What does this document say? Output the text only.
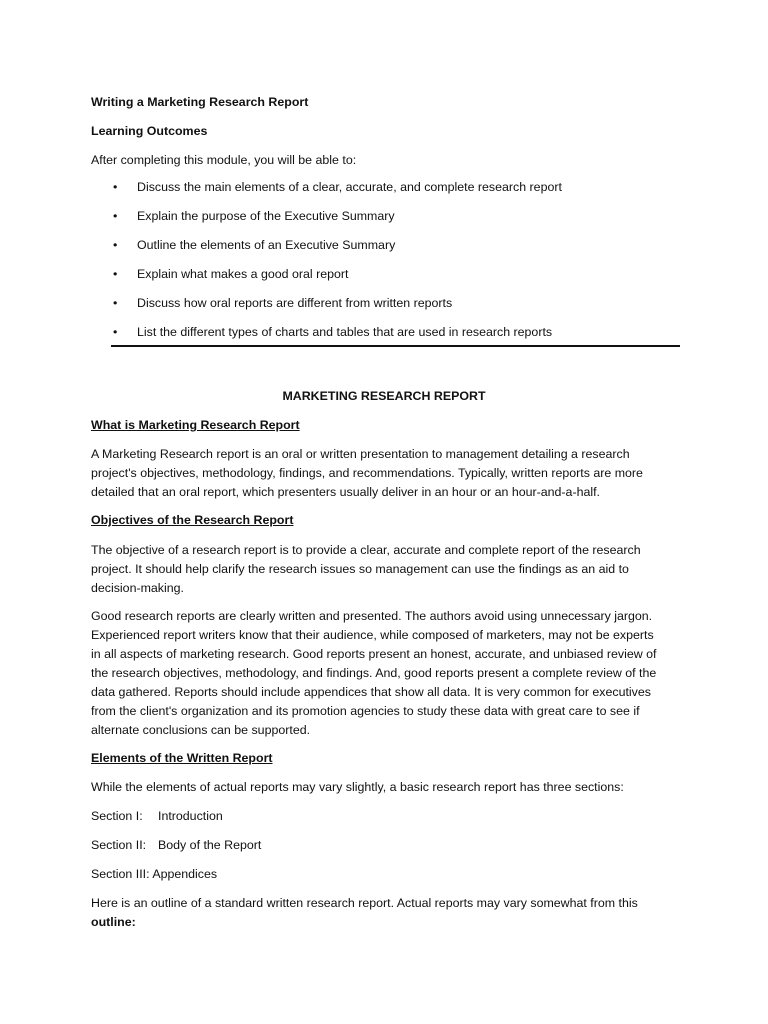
Writing a Marketing Research Report
Learning Outcomes
After completing this module, you will be able to:
•	Discuss the main elements of a clear, accurate, and complete research report
•	Explain the purpose of the Executive Summary
•	Outline the elements of an Executive Summary
•	Explain what makes a good oral report
•	Discuss how oral reports are different from written reports
•	List the different types of charts and tables that are used in research reports
MARKETING RESEARCH REPORT
What is Marketing Research Report
A Marketing Research report is an oral or written presentation to management detailing a research
project's objectives, methodology, findings, and recommendations. Typically, written reports are more
detailed that an oral report, which presenters usually deliver in an hour or an hour-and-a-half.
Objectives of the Research Report
The objective of a research report is to provide a clear, accurate and complete report of the research
project. It should help clarify the research issues so management can use the findings as an aid to
decision-making.
Good research reports are clearly written and presented. The authors avoid using unnecessary jargon.
Experienced report writers know that their audience, while composed of marketers, may not be experts
in all aspects of marketing research. Good reports present an honest, accurate, and unbiased review of
the research objectives, methodology, and findings. And, good reports present a complete review of the
data gathered. Reports should include appendices that show all data. It is very common for executives
from the client's organization and its promotion agencies to study these data with great care to see if
alternate conclusions can be supported.
Elements of the Written Report
While the elements of actual reports may vary slightly, a basic research report has three sections:
Section I: Introduction
Section II: Body of the Report
Section III: Appendices
Here is an outline of a standard written research report. Actual reports may vary somewhat from this
outline:
